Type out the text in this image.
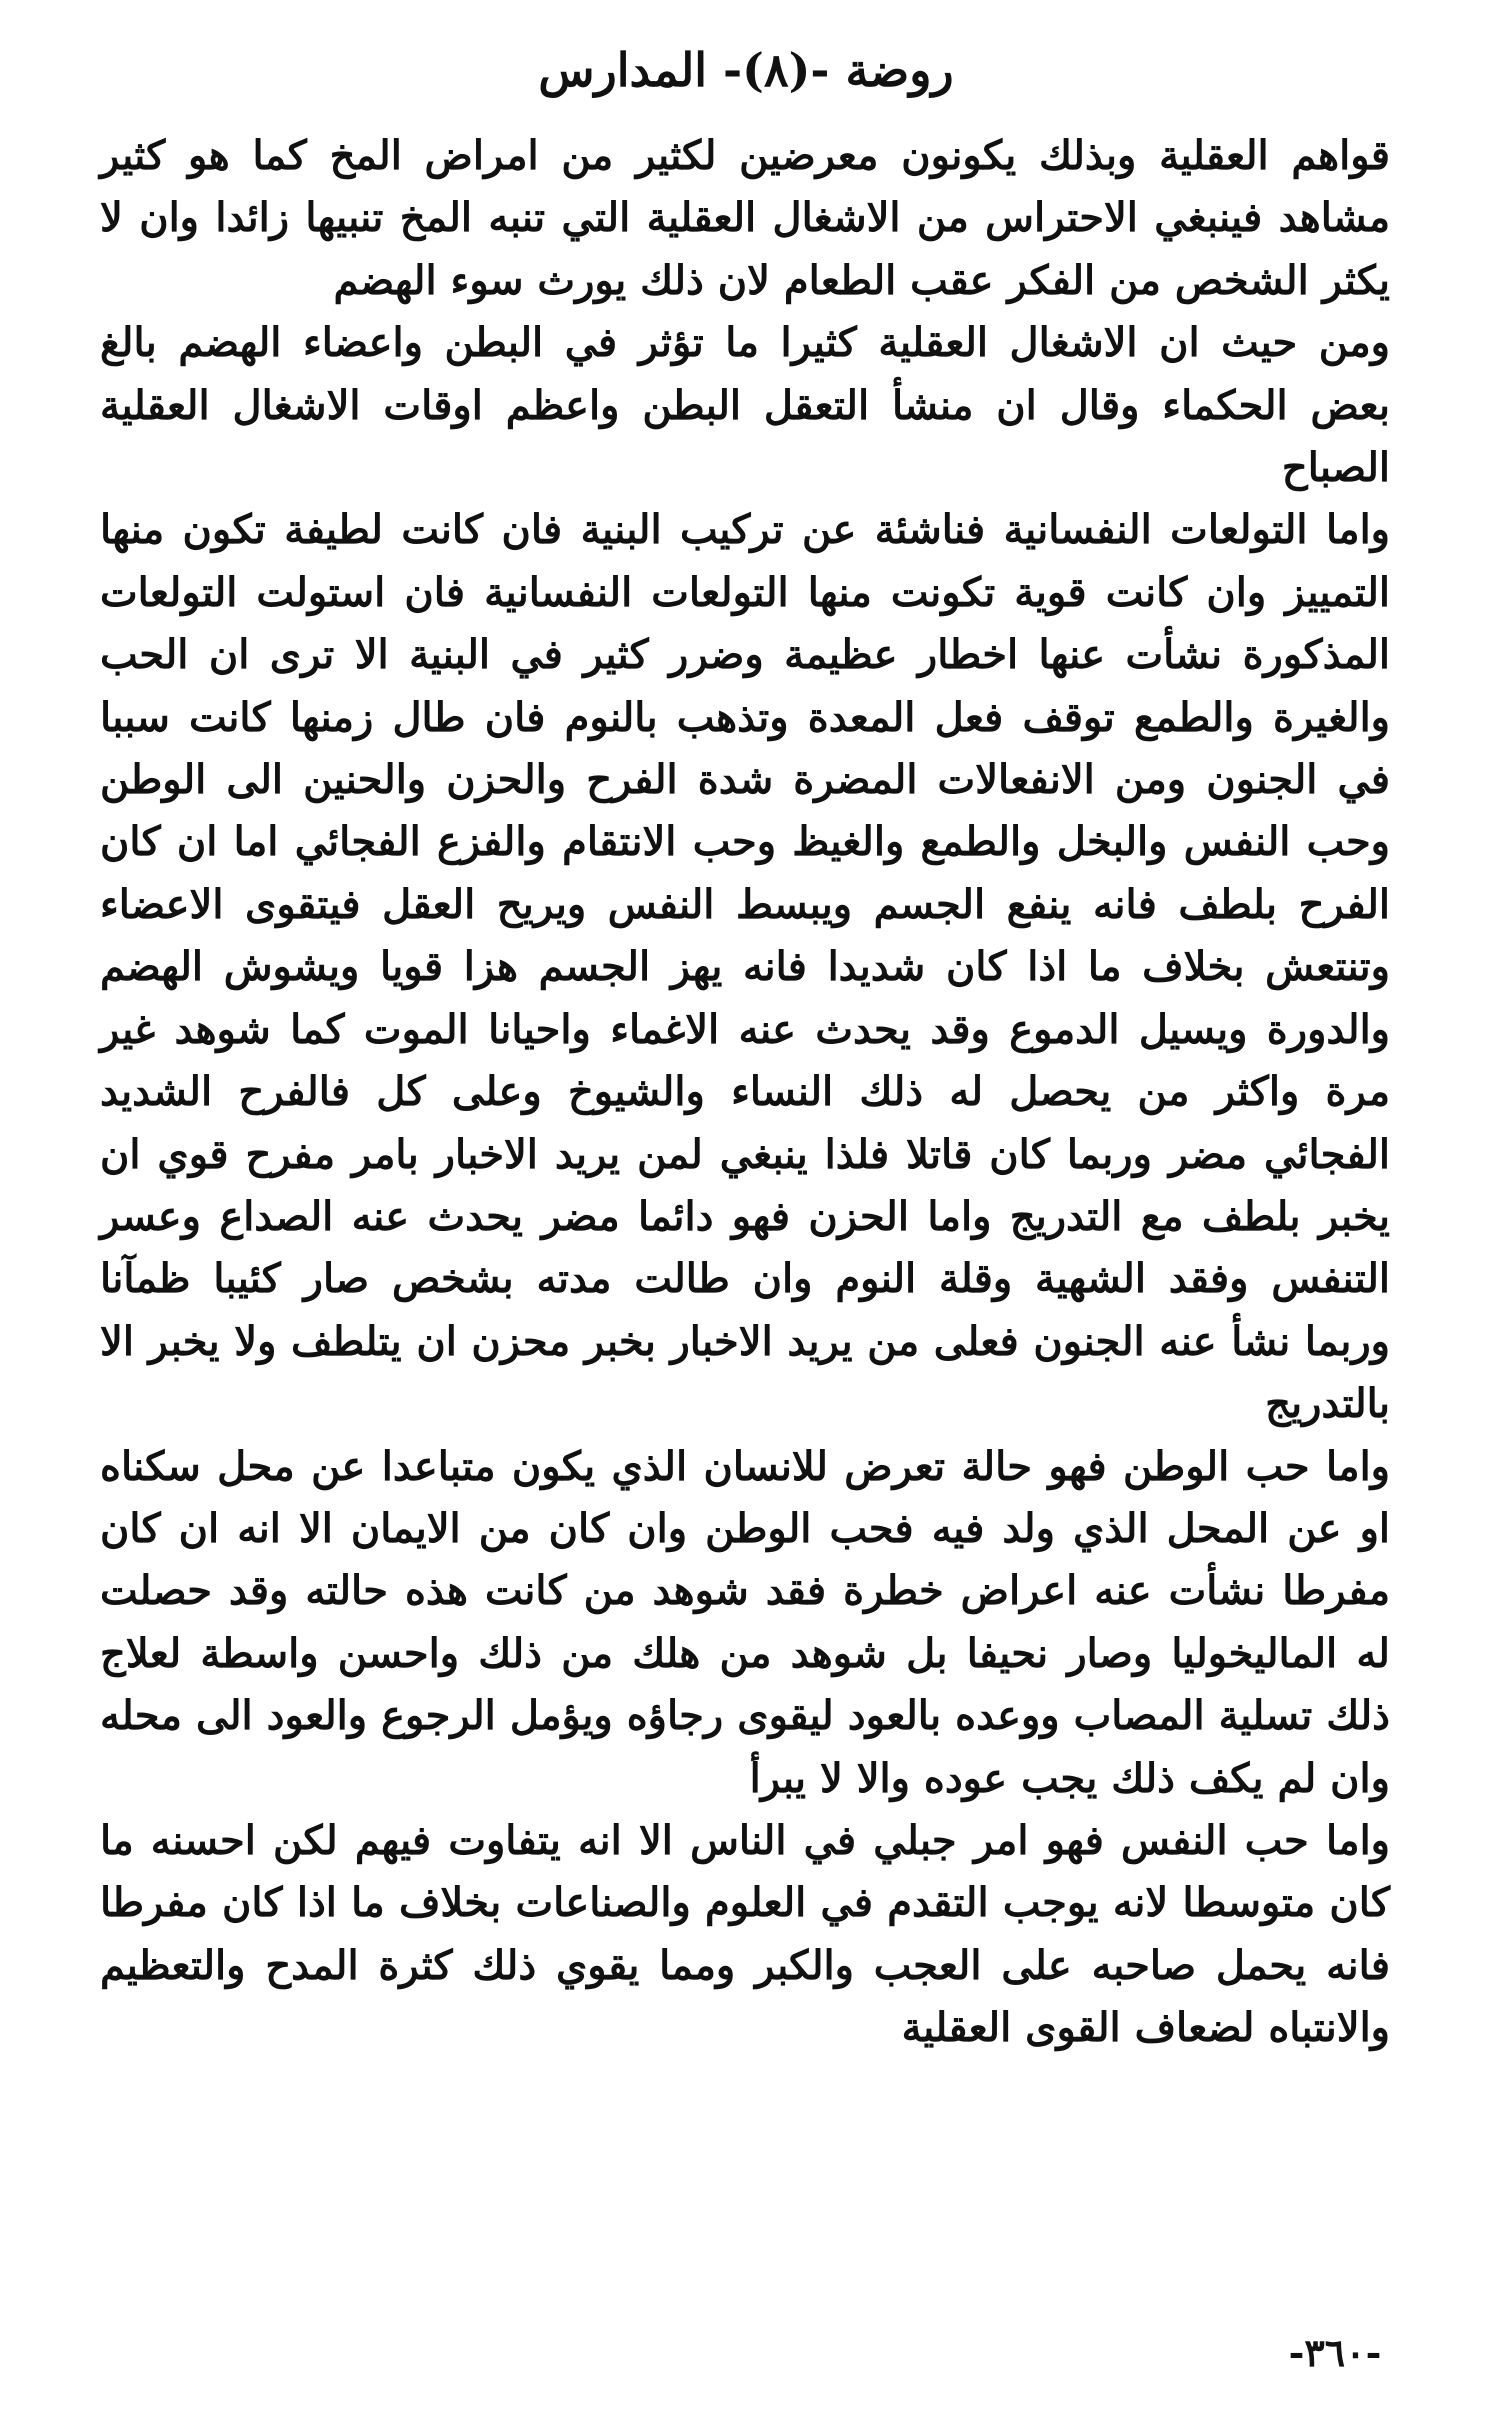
روضة -(٨)- المدارس

قواهم العقلية وبذلك يكونون معرضين لكثير من امراض المخ كما هو كثير مشاهد فينبغي الاحتراس من الاشغال العقلية التي تنبه المخ تنبيها زائدا وان لا يكثر الشخص من الفكر عقب الطعام لان ذلك يورث سوء الهضم

ومن حيث ان الاشغال العقلية كثيرا ما تؤثر في البطن واعضاء الهضم بالغ بعض الحكماء وقال ان منشأ التعقل البطن واعظم اوقات الاشغال العقلية الصباح

واما التولعات النفسانية فناشئة عن تركيب البنية فان كانت لطيفة تكون منها التمييز وان كانت قوية تكونت منها التولعات النفسانية فان استولت التولعات المذكورة نشأت عنها اخطار عظيمة وضرر كثير في البنية الا ترى ان الحب والغيرة والطمع توقف فعل المعدة وتذهب بالنوم فان طال زمنها كانت سببا في الجنون ومن الانفعالات المضرة شدة الفرح والحزن والحنين الى الوطن وحب النفس والبخل والطمع والغيظ وحب الانتقام والفزع الفجائي اما ان كان الفرح بلطف فانه ينفع الجسم ويبسط النفس ويريح العقل فيتقوى الاعضاء وتنتعش بخلاف ما اذا كان شديدا فانه يهز الجسم هزا قويا ويشوش الهضم والدورة ويسيل الدموع وقد يحدث عنه الاغماء واحيانا الموت كما شوهد غير مرة واكثر من يحصل له ذلك النساء والشيوخ وعلى كل فالفرح الشديد الفجائي مضر وربما كان قاتلا فلذا ينبغي لمن يريد الاخبار بامر مفرح قوي ان يخبر بلطف مع التدريج واما الحزن فهو دائما مضر يحدث عنه الصداع وعسر التنفس وفقد الشهية وقلة النوم وان طالت مدته بشخص صار كئيبا ظمآنا وربما نشأ عنه الجنون فعلى من يريد الاخبار بخبر محزن ان يتلطف ولا يخبر الا بالتدريج

واما حب الوطن فهو حالة تعرض للانسان الذي يكون متباعدا عن محل سكناه او عن المحل الذي ولد فيه فحب الوطن وان كان من الايمان الا انه ان كان مفرطا نشأت عنه اعراض خطرة فقد شوهد من كانت هذه حالته وقد حصلت له الماليخوليا وصار نحيفا بل شوهد من هلك من ذلك واحسن واسطة لعلاج ذلك تسلية المصاب ووعده بالعود ليقوى رجاؤه ويؤمل الرجوع والعود الى محله وان لم يكف ذلك يجب عوده والا لا يبرأ

واما حب النفس فهو امر جبلي في الناس الا انه يتفاوت فيهم لكن احسنه ما كان متوسطا لانه يوجب التقدم في العلوم والصناعات بخلاف ما اذا كان مفرطا فانه يحمل صاحبه على العجب والكبر ومما يقوي ذلك كثرة المدح والتعظيم والانتباه لضعاف القوى العقلية

-٣٦٠-
